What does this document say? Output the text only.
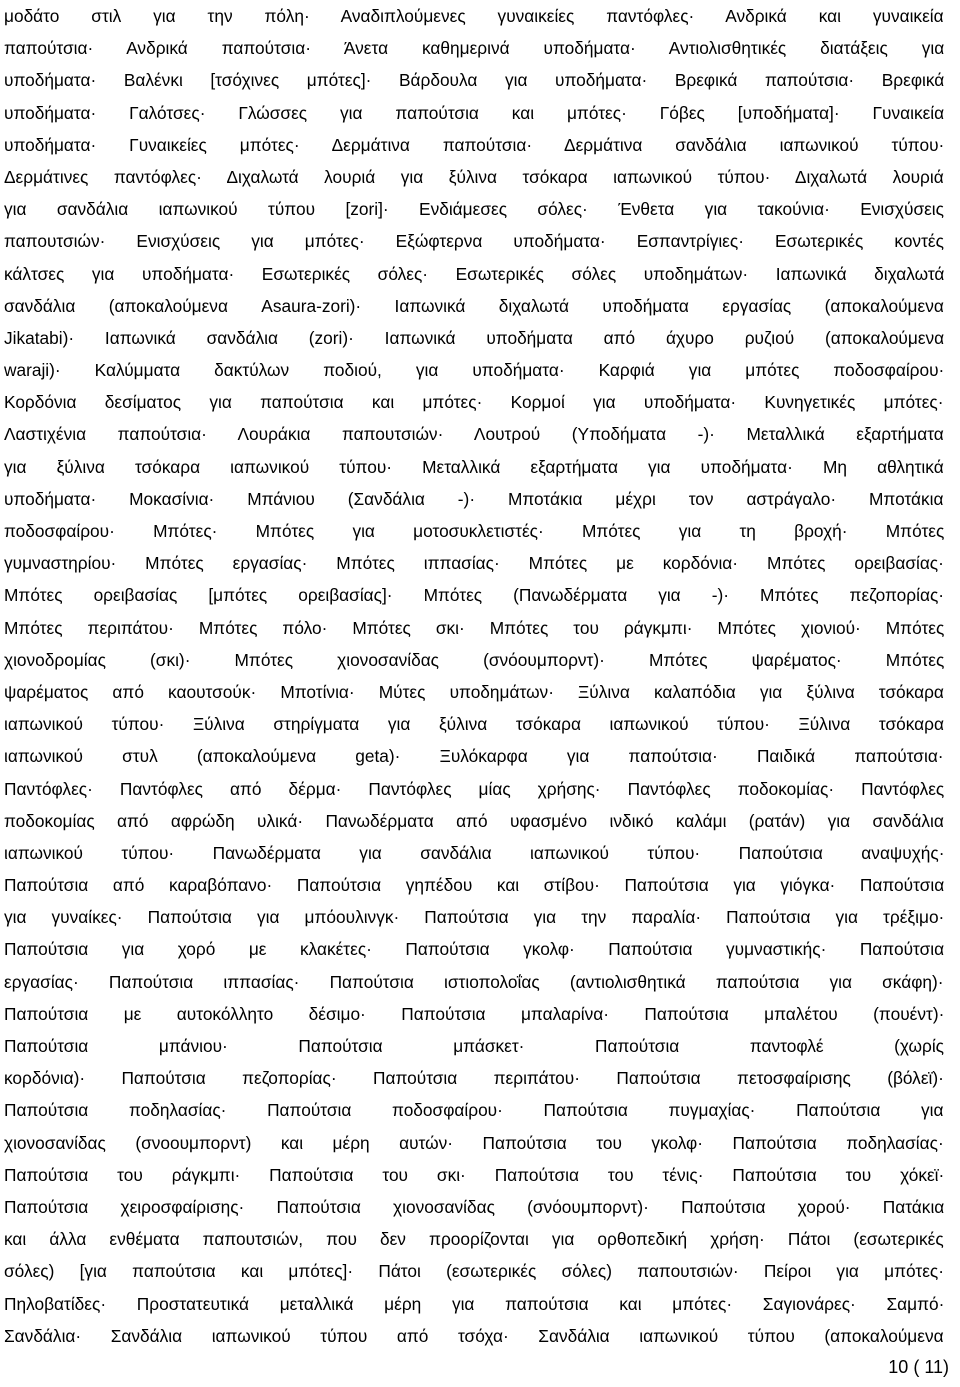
μοδάτο στιλ για την πόλη· Αναδιπλούμενες γυναικείες παντόφλες· Ανδρικά και γυναικεία
παπούτσια· Ανδρικά παπούτσια· Άνετα καθημερινά υποδήματα· Αντιολισθητικές διατάξεις για
υποδήματα· Βαλένκι [τσόχινες μπότες]· Βάρδουλα για υποδήματα· Βρεφικά παπούτσια· Βρεφικά
υποδήματα· Γαλότσες· Γλώσσες για παπούτσια και μπότες· Γόβες [υποδήματα]· Γυναικεία
υποδήματα· Γυναικείες μπότες· Δερμάτινα παπούτσια· Δερμάτινα σανδάλια ιαπωνικού τύπου·
Δερμάτινες παντόφλες· Διχαλωτά λουριά για ξύλινα τσόκαρα ιαπωνικού τύπου· Διχαλωτά λουριά
για σανδάλια ιαπωνικού τύπου [zori]· Ενδιάμεσες σόλες· Ένθετα για τακούνια· Ενισχύσεις
παπουτσιών· Ενισχύσεις για μπότες· Εξώφτερνα υποδήματα· Εσπαντρίγιες· Εσωτερικές κοντές
κάλτσες για υποδήματα· Εσωτερικές σόλες· Εσωτερικές σόλες υποδημάτων· Ιαπωνικά διχαλωτά
σανδάλια (αποκαλούμενα Asaura-zori)· Ιαπωνικά διχαλωτά υποδήματα εργασίας (αποκαλούμενα
Jikatabi)· Ιαπωνικά σανδάλια (zori)· Ιαπωνικά υποδήματα από άχυρο ρυζιού (αποκαλούμενα
waraji)· Καλύμματα δακτύλων ποδιού, για υποδήματα· Καρφιά για μπότες ποδοσφαίρου·
Κορδόνια δεσίματος για παπούτσια και μπότες· Κορμοί για υποδήματα· Κυνηγετικές μπότες·
Λαστιχένια παπούτσια· Λουράκια παπουτσιών· Λουτρού (Υποδήματα -)· Μεταλλικά εξαρτήματα
για ξύλινα τσόκαρα ιαπωνικού τύπου· Μεταλλικά εξαρτήματα για υποδήματα· Μη αθλητικά
υποδήματα· Μοκασίνια· Μπάνιου (Σανδάλια -)· Μποτάκια μέχρι τον αστράγαλο· Μποτάκια
ποδοσφαίρου· Μπότες· Μπότες για μοτοσυκλετιστές· Μπότες για τη βροχή· Μπότες
γυμναστηρίου· Μπότες εργασίας· Μπότες ιππασίας· Μπότες με κορδόνια· Μπότες ορειβασίας·
Μπότες ορειβασίας [μπότες ορειβασίας]· Μπότες (Πανωδέρματα για -)· Μπότες πεζοπορίας·
Μπότες περιπάτου· Μπότες πόλο· Μπότες σκι· Μπότες του ράγκμπι· Μπότες χιονιού· Μπότες
χιονοδρομίας (σκι)· Μπότες χιονοσανίδας (σνόουμπορντ)· Μπότες ψαρέματος· Μπότες
ψαρέματος από καουτσούκ· Μποτίνια· Μύτες υποδημάτων· Ξύλινα καλαπόδια για ξύλινα τσόκαρα
ιαπωνικού τύπου· Ξύλινα στηρίγματα για ξύλινα τσόκαρα ιαπωνικού τύπου· Ξύλινα τσόκαρα
ιαπωνικού στυλ (αποκαλούμενα geta)· Ξυλόκαρφα για παπούτσια· Παιδικά παπούτσια·
Παντόφλες· Παντόφλες από δέρμα· Παντόφλες μίας χρήσης· Παντόφλες ποδοκομίας· Παντόφλες
ποδοκομίας από αφρώδη υλικά· Πανωδέρματα από υφασμένο ινδικό καλάμι (ρατάν) για σανδάλια
ιαπωνικού τύπου· Πανωδέρματα για σανδάλια ιαπωνικού τύπου· Παπούτσια αναψυχής·
Παπούτσια από καραβόπανο· Παπούτσια γηπέδου και στίβου· Παπούτσια για γιόγκα· Παπούτσια
για γυναίκες· Παπούτσια για μπόουλινγκ· Παπούτσια για την παραλία· Παπούτσια για τρέξιμο·
Παπούτσια για χορό με κλακέτες· Παπούτσια γκολφ· Παπούτσια γυμναστικής· Παπούτσια
εργασίας· Παπούτσια ιππασίας· Παπούτσια ιστιοπολοΐας (αντιολισθητικά παπούτσια για σκάφη)·
Παπούτσια με αυτοκόλλητο δέσιμο· Παπούτσια μπαλαρίνα· Παπούτσια μπαλέτου (πουέντ)·
Παπούτσια μπάνιου· Παπούτσια μπάσκετ· Παπούτσια παντοφλέ (χωρίς
κορδόνια)· Παπούτσια πεζοπορίας· Παπούτσια περιπάτου· Παπούτσια πετοσφαίρισης (βόλεϊ)·
Παπούτσια ποδηλασίας· Παπούτσια ποδοσφαίρου· Παπούτσια πυγμαχίας· Παπούτσια για
χιονοσανίδας (σνοουμπορντ) και μέρη αυτών· Παπούτσια του γκολφ· Παπούτσια ποδηλασίας·
Παπούτσια του ράγκμπι· Παπούτσια του σκι· Παπούτσια του τένις· Παπούτσια του χόκεϊ·
Παπούτσια χειροσφαίρισης· Παπούτσια χιονοσανίδας (σνόουμπορντ)· Παπούτσια χορού· Πατάκια
και άλλα ενθέματα παπουτσιών, που δεν προορίζονται για ορθοπεδική χρήση· Πάτοι (εσωτερικές
σόλες) [για παπούτσια και μπότες]· Πάτοι (εσωτερικές σόλες) παπουτσιών· Πείροι για μπότες·
Πηλοβατίδες· Προστατευτικά μεταλλικά μέρη για παπούτσια και μπότες· Σαγιονάρες· Σαμπό·
Σανδάλια· Σανδάλια ιαπωνικού τύπου από τσόχα· Σανδάλια ιαπωνικού τύπου (αποκαλούμενα
10 ( 11)
